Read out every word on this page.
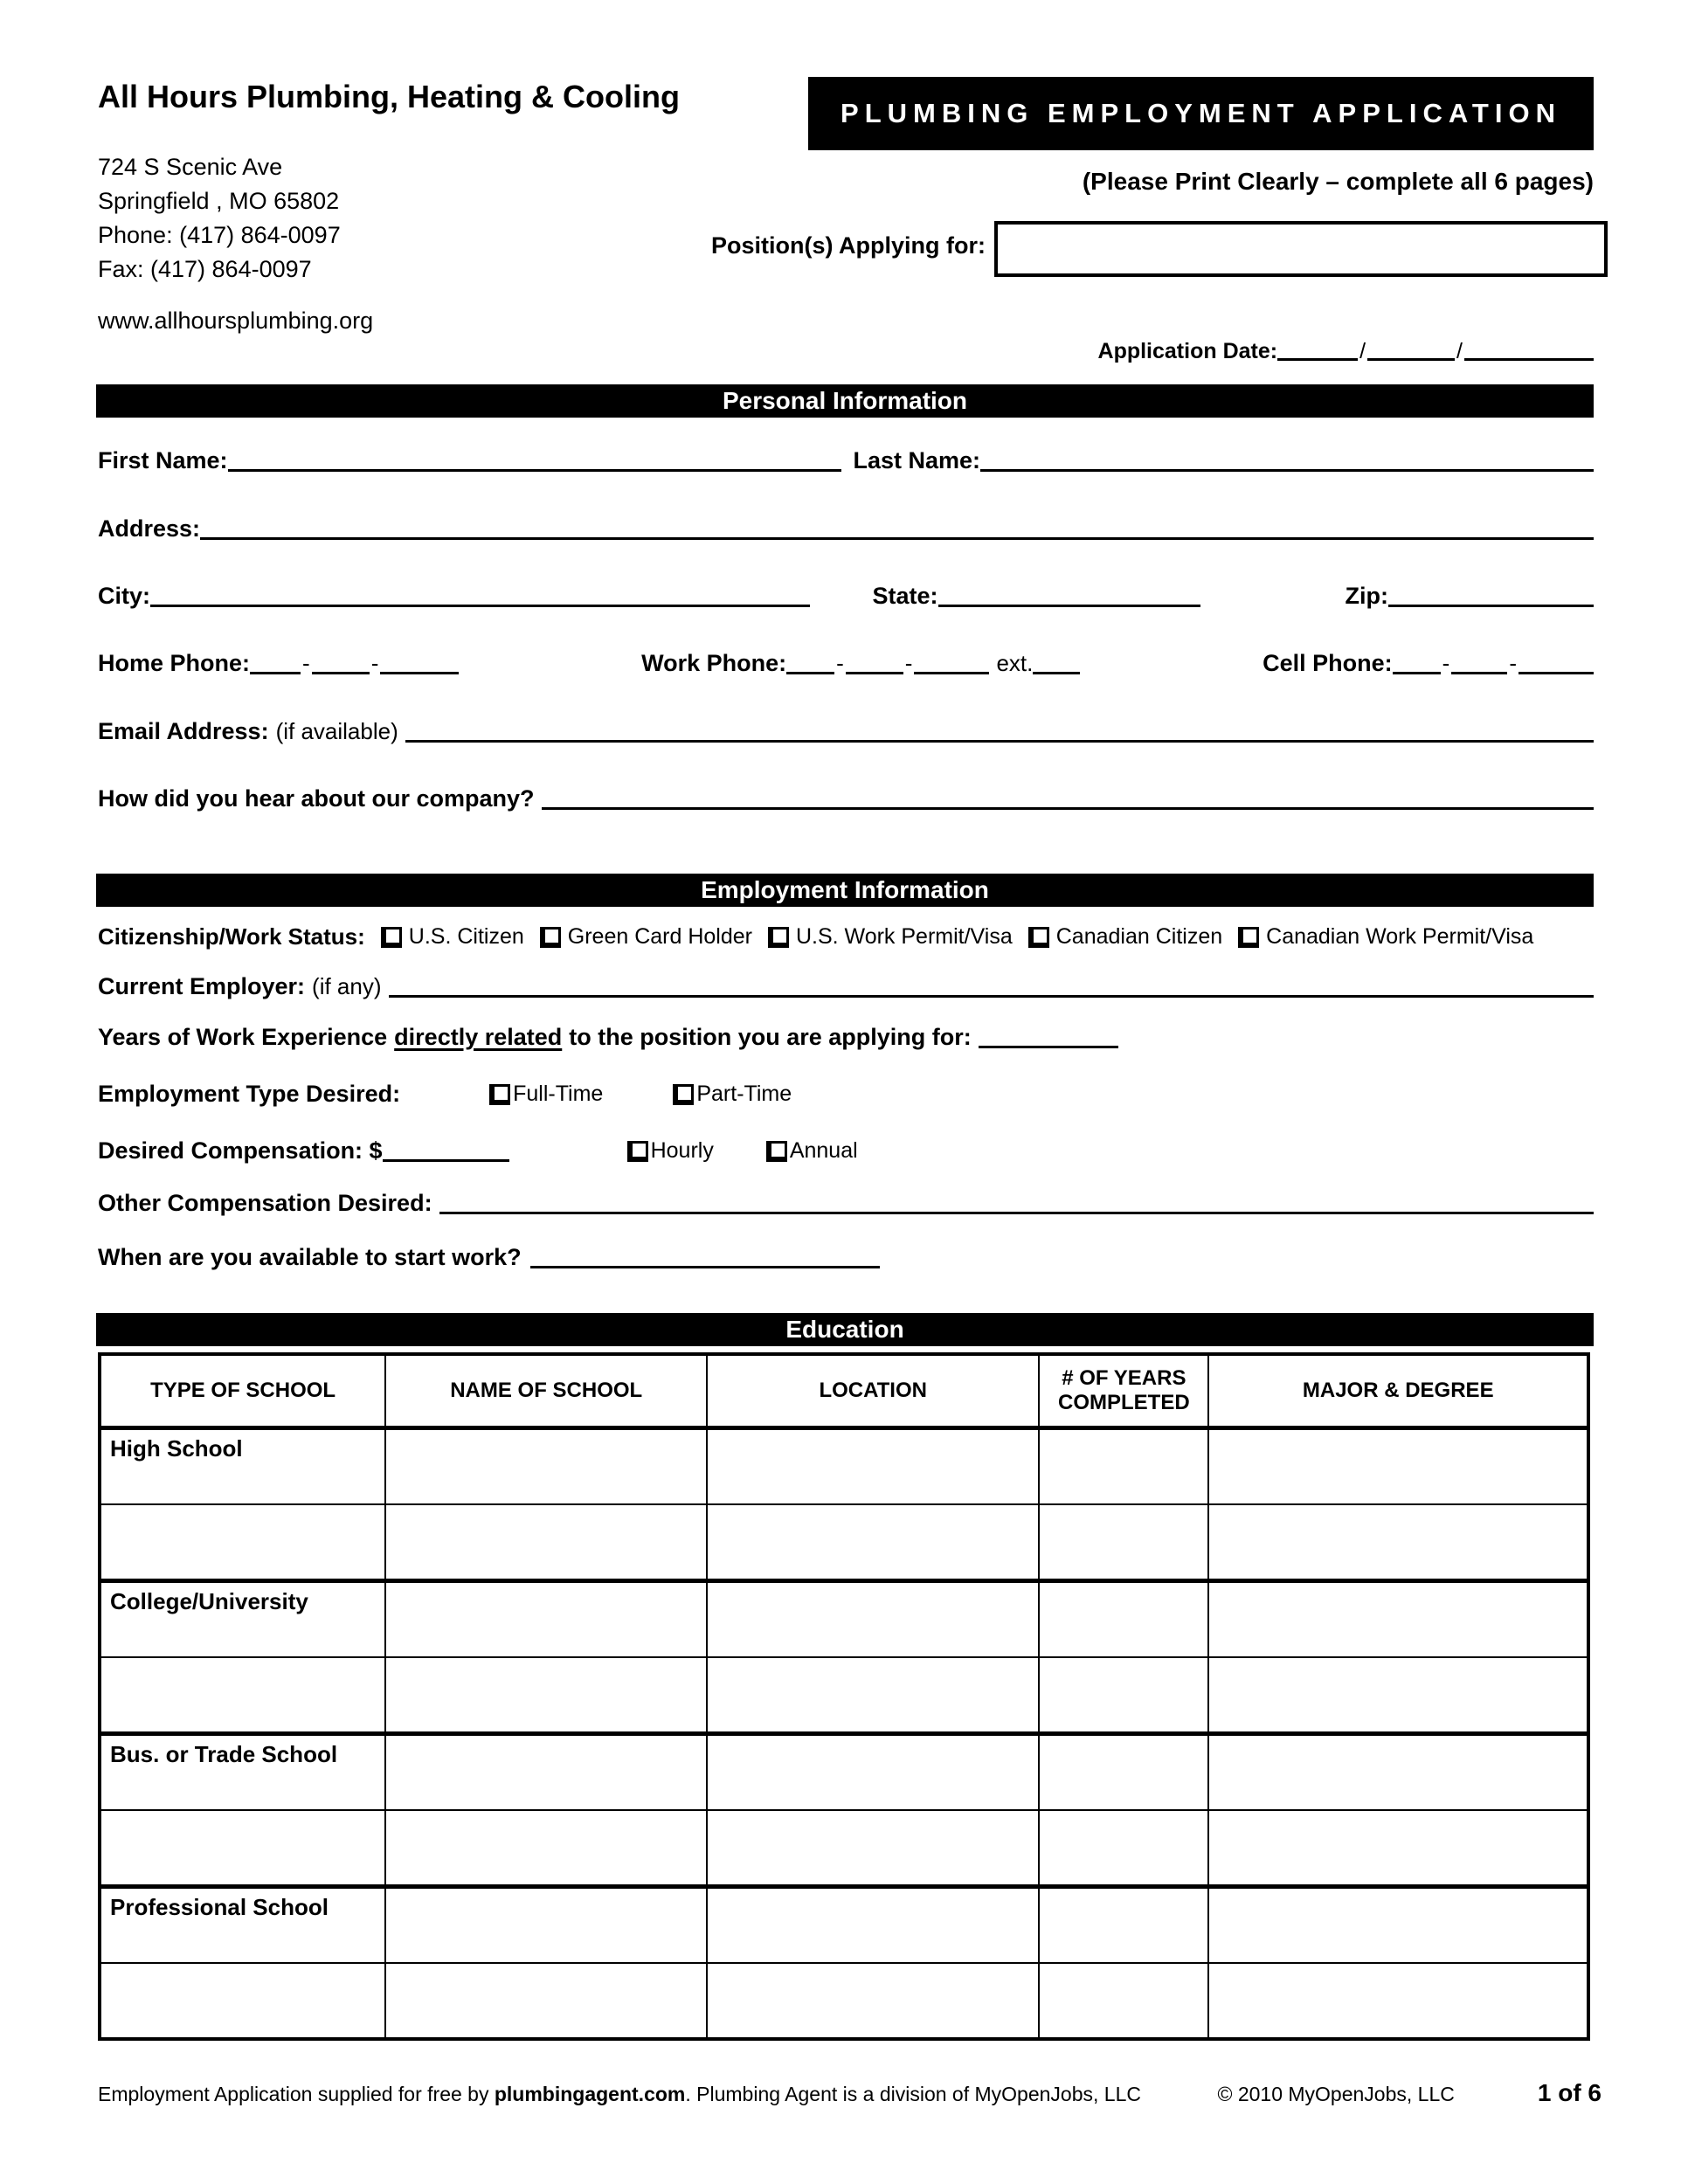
All Hours Plumbing, Heating & Cooling
724 S Scenic Ave
Springfield , MO 65802
Phone: (417) 864-0097
Fax: (417) 864-0097
www.allhoursplumbing.org
PLUMBING EMPLOYMENT APPLICATION
(Please Print Clearly – complete all 6 pages)
Position(s) Applying for:
Application Date:	/	/
Personal Information
First Name:	Last Name:
Address:
City:	State:	Zip:
Home Phone: -	-	Work Phone: -	-	ext.	Cell Phone: -	-
Email Address: (if available)
How did you hear about our company?
Employment Information
Citizenship/Work Status: U.S. Citizen Green Card Holder U.S. Work Permit/Visa Canadian Citizen Canadian Work Permit/Visa
Current Employer: (if any)
Years of Work Experience directly related to the position you are applying for:
Employment Type Desired:	Full-Time	Part-Time
Desired Compensation: $	Hourly	Annual
Other Compensation Desired:
When are you available to start work?
Education
TYPE OF SCHOOL	NAME OF SCHOOL	LOCATION	# OF YEARS COMPLETED	MAJOR & DEGREE
High School				

College/University				

Bus. or Trade School				

Professional School				

Employment Application supplied for free by plumbingagent.com. Plumbing Agent is a division of MyOpenJobs, LLC	© 2010 MyOpenJobs, LLC	1 of 6
